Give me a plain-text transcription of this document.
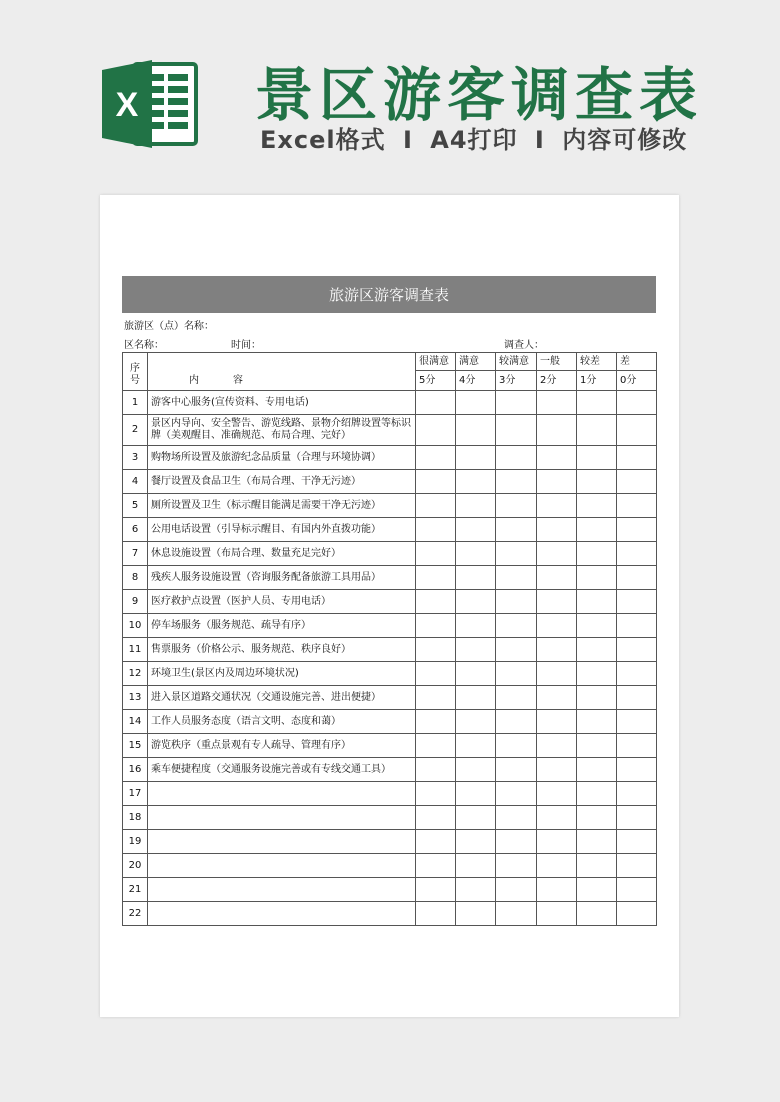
X 景区游客调查表
Excel格式 I A4打印 I 内容可修改
旅游区游客调查表
旅游区（点）名称：
区名称：	时间：	调查人：
序号	内 容	很满意	满意	较满意	一般	较差	差
		5分	4分	3分	2分	1分	0分
1	游客中心服务(宣传资料、专用电话)						
2	景区内导向、安全警告、游览线路、景物介绍牌设置等标识牌（美观醒目、准确规范、布局合理、完好）						
3	购物场所设置及旅游纪念品质量（合理与环境协调）						
4	餐厅设置及食品卫生（布局合理、干净无污迹）						
5	厕所设置及卫生（标示醒目能满足需要干净无污迹）						
6	公用电话设置（引导标示醒目、有国内外直拨功能）						
7	休息设施设置（布局合理、数量充足完好）						
8	残疾人服务设施设置（咨询服务配备旅游工具用品）						
9	医疗救护点设置（医护人员、专用电话）						
10	停车场服务（服务规范、疏导有序）						
11	售票服务（价格公示、服务规范、秩序良好）						
12	环境卫生(景区内及周边环境状况)						
13	进入景区道路交通状况（交通设施完善、进出便捷）						
14	工作人员服务态度（语言文明、态度和蔼）						
15	游览秩序（重点景观有专人疏导、管理有序）						
16	乘车便捷程度（交通服务设施完善或有专线交通工具）						
17							
18							
19							
20							
21							
22							
